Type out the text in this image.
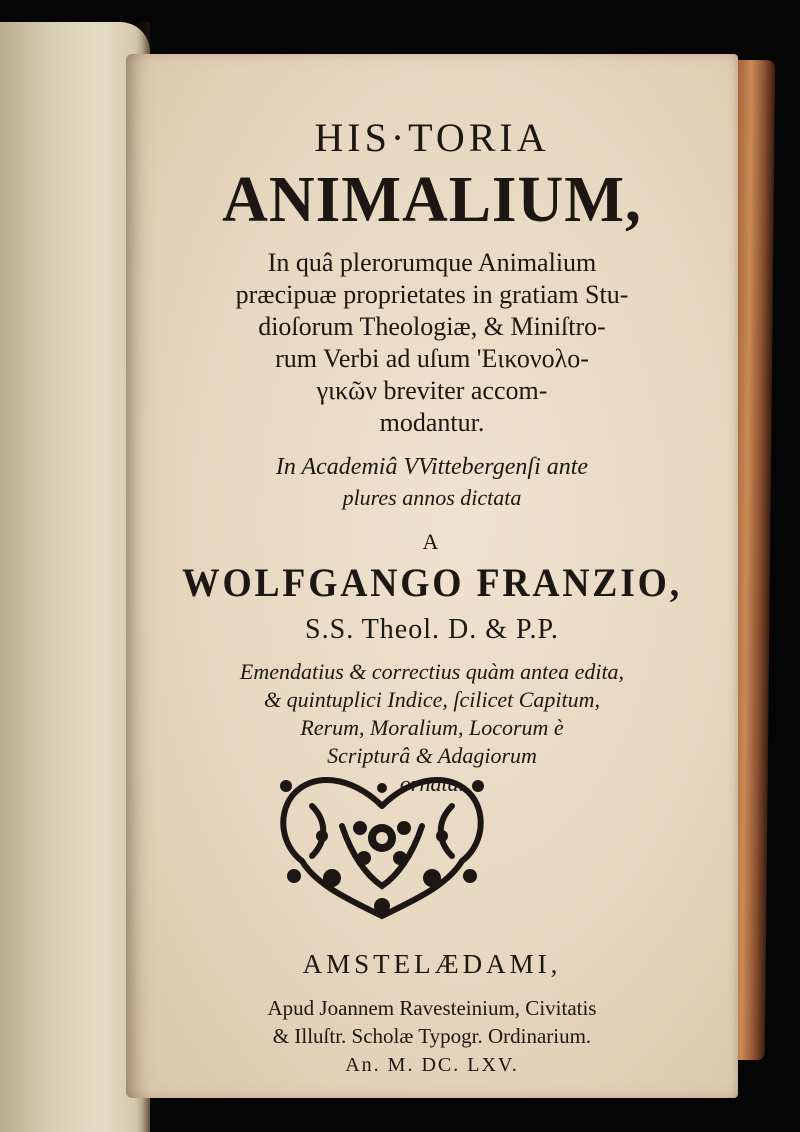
HIS·TORIA
ANIMALIUM,
In quâ plerorumque Animalium
præcipuæ proprietates in gratiam Stu-
dioſorum Theologiæ, & Miniſtro-
rum Verbi ad uſum 'Εικονολο-
γικῶν breviter accom-
modantur.
In Academiâ VVittebergenſi ante
plures annos dictata
A
WOLFGANGO FRANZIO,
S.S. Theol. D. & P.P.
Emendatius & correctius quàm antea edita,
& quintuplici Indice, ſcilicet Capitum,
Rerum, Moralium, Locorum è
Scripturâ & Adagiorum
ornata.
AMSTELÆDAMI,
Apud Joannem Ravesteinium, Civitatis
& Illuſtr. Scholæ Typogr. Ordinarium.
An. M. DC. LXV.
